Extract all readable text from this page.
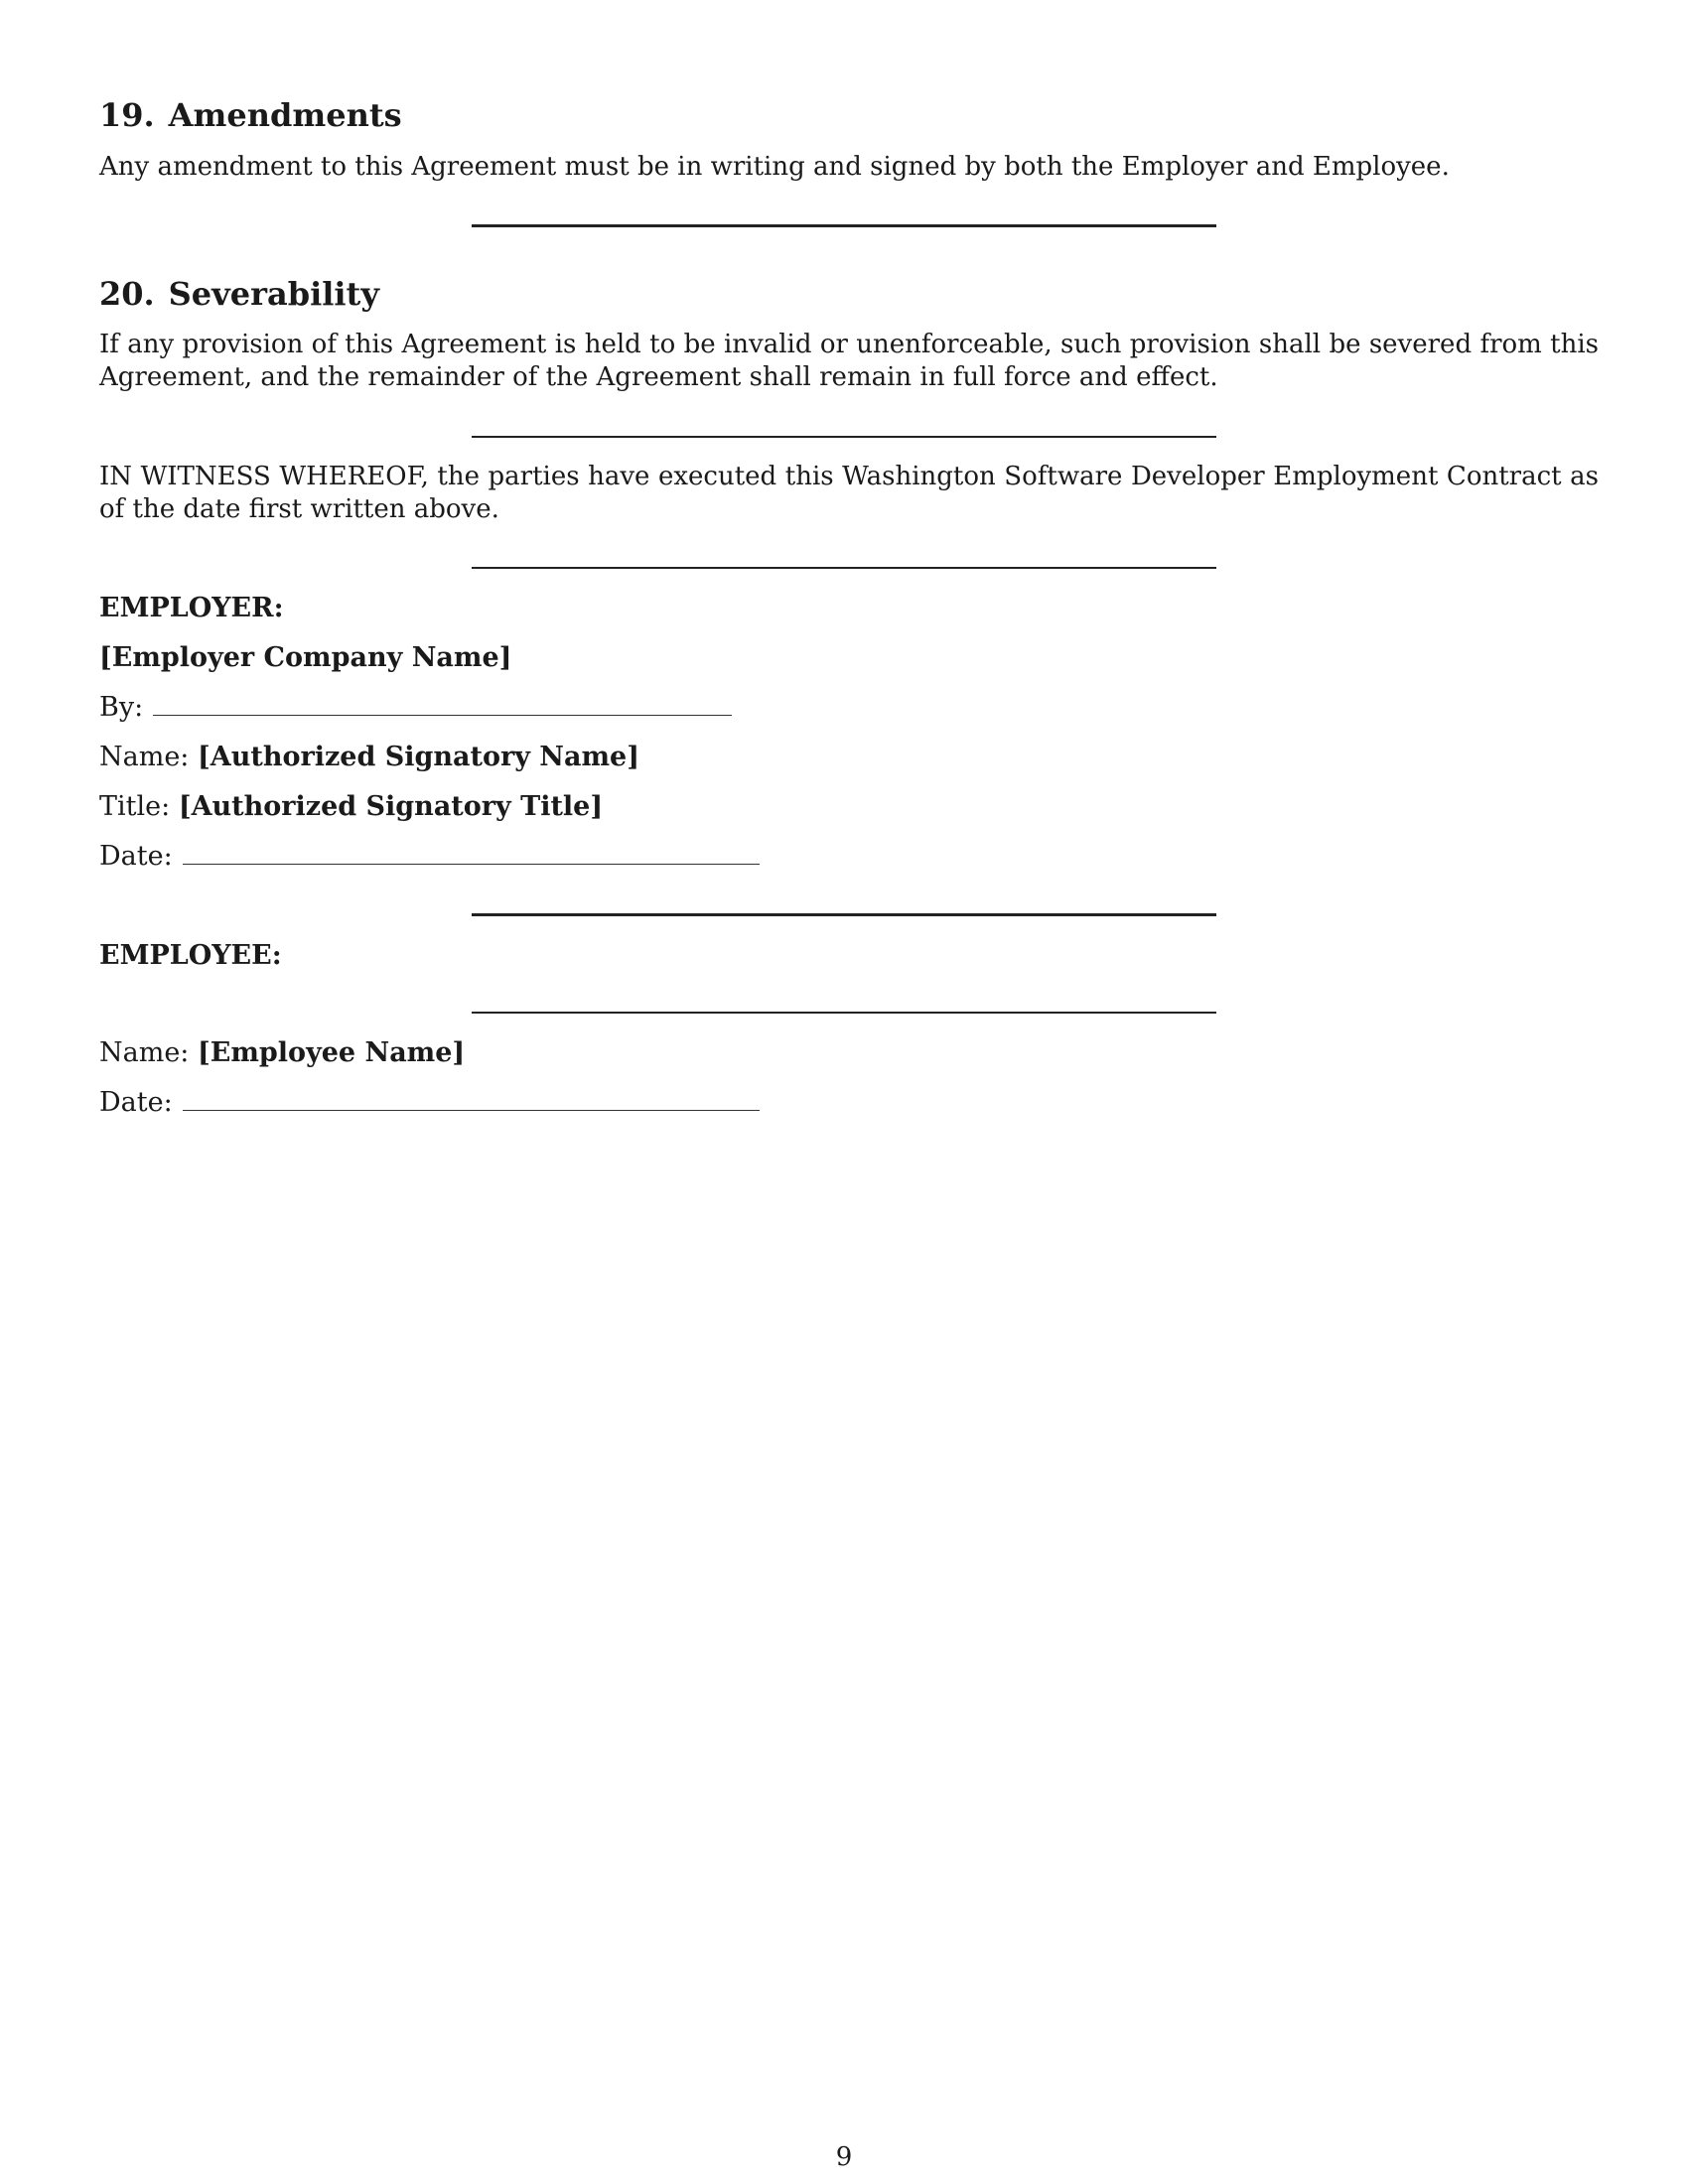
19. Amendments

Any amendment to this Agreement must be in writing and signed by both the Employer and Employee.

20. Severability

If any provision of this Agreement is held to be invalid or unenforceable, such provision shall be severed from this Agreement, and the remainder of the Agreement shall remain in full force and effect.

IN WITNESS WHEREOF, the parties have executed this Washington Software Developer Employment Contract as of the date first written above.

EMPLOYER:
[Employer Company Name]
By:
Name: [Authorized Signatory Name]
Title: [Authorized Signatory Title]
Date:
EMPLOYEE:
Name: [Employee Name]
Date:
9
